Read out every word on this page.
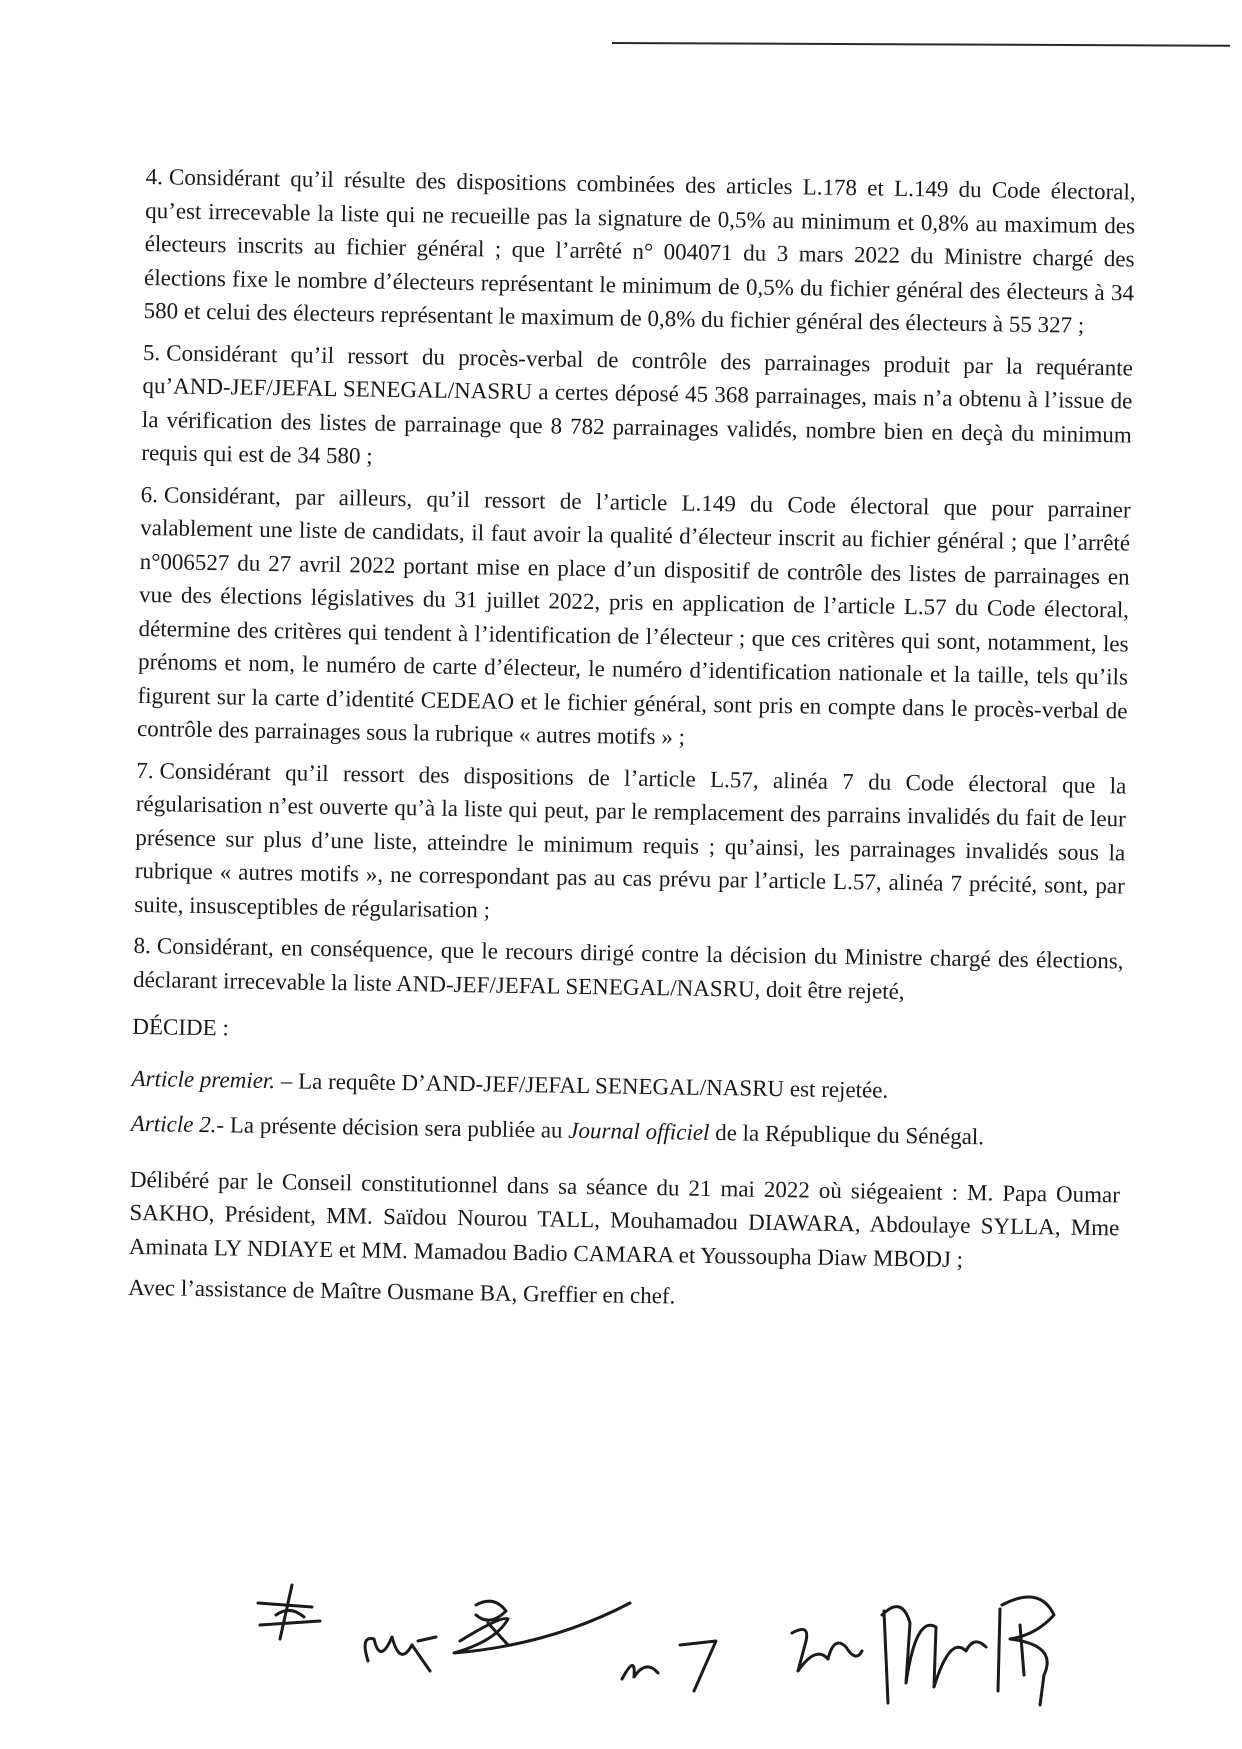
4. Considérant qu’il résulte des dispositions combinées des articles L.178 et L.149 du Code électoral, qu’est irrecevable la liste qui ne recueille pas la signature de 0,5% au minimum et 0,8% au maximum des électeurs inscrits au fichier général ; que l’arrêté n° 004071 du 3 mars 2022 du Ministre chargé des élections fixe le nombre d’électeurs représentant le minimum de 0,5% du fichier général des électeurs à 34 580 et celui des électeurs représentant le maximum de 0,8% du fichier général des électeurs à 55 327 ;

5. Considérant qu’il ressort du procès-verbal de contrôle des parrainages produit par la requérante qu’AND-JEF/JEFAL SENEGAL/NASRU a certes déposé 45 368 parrainages, mais n’a obtenu à l’issue de la vérification des listes de parrainage que 8 782 parrainages validés, nombre bien en deçà du minimum requis qui est de 34 580 ;

6. Considérant, par ailleurs, qu’il ressort de l’article L.149 du Code électoral que pour parrainer valablement une liste de candidats, il faut avoir la qualité d’électeur inscrit au fichier général ; que l’arrêté n°006527 du 27 avril 2022 portant mise en place d’un dispositif de contrôle des listes de parrainages en vue des élections législatives du 31 juillet 2022, pris en application de l’article L.57 du Code électoral, détermine des critères qui tendent à l’identification de l’électeur ; que ces critères qui sont, notamment, les prénoms et nom, le numéro de carte d’électeur, le numéro d’identification nationale et la taille, tels qu’ils figurent sur la carte d’identité CEDEAO et le fichier général, sont pris en compte dans le procès-verbal de contrôle des parrainages sous la rubrique « autres motifs » ;

7. Considérant qu’il ressort des dispositions de l’article L.57, alinéa 7 du Code électoral que la régularisation n’est ouverte qu’à la liste qui peut, par le remplacement des parrains invalidés du fait de leur présence sur plus d’une liste, atteindre le minimum requis ; qu’ainsi, les parrainages invalidés sous la rubrique « autres motifs », ne correspondant pas au cas prévu par l’article L.57, alinéa 7 précité, sont, par suite, insusceptibles de régularisation ;

8. Considérant, en conséquence, que le recours dirigé contre la décision du Ministre chargé des élections, déclarant irrecevable la liste AND-JEF/JEFAL SENEGAL/NASRU, doit être rejeté,

DÉCIDE :

Article premier. – La requête D’AND-JEF/JEFAL SENEGAL/NASRU est rejetée.

Article 2.- La présente décision sera publiée au Journal officiel de la République du Sénégal.

Délibéré par le Conseil constitutionnel dans sa séance du 21 mai 2022 où siégeaient : M. Papa Oumar SAKHO, Président, MM. Saïdou Nourou TALL, Mouhamadou DIAWARA, Abdoulaye SYLLA, Mme Aminata LY NDIAYE et MM. Mamadou Badio CAMARA et Youssoupha Diaw MBODJ ;

Avec l’assistance de Maître Ousmane BA, Greffier en chef.
